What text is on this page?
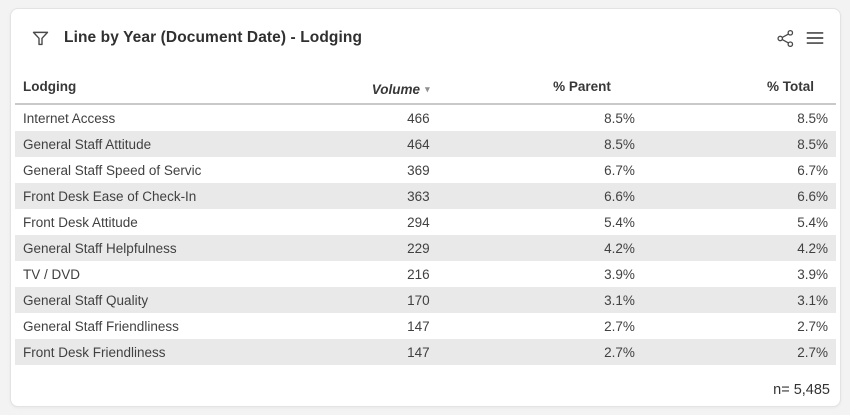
Line by Year (Document Date) - Lodging
Lodging	Volume ▾	% Parent	% Total
Internet Access	466	8.5%	8.5%
General Staff Attitude	464	8.5%	8.5%
General Staff Speed of Servic	369	6.7%	6.7%
Front Desk Ease of Check-In	363	6.6%	6.6%
Front Desk Attitude	294	5.4%	5.4%
General Staff Helpfulness	229	4.2%	4.2%
TV / DVD	216	3.9%	3.9%
General Staff Quality	170	3.1%	3.1%
General Staff Friendliness	147	2.7%	2.7%
Front Desk Friendliness	147	2.7%	2.7%
n= 5,485
